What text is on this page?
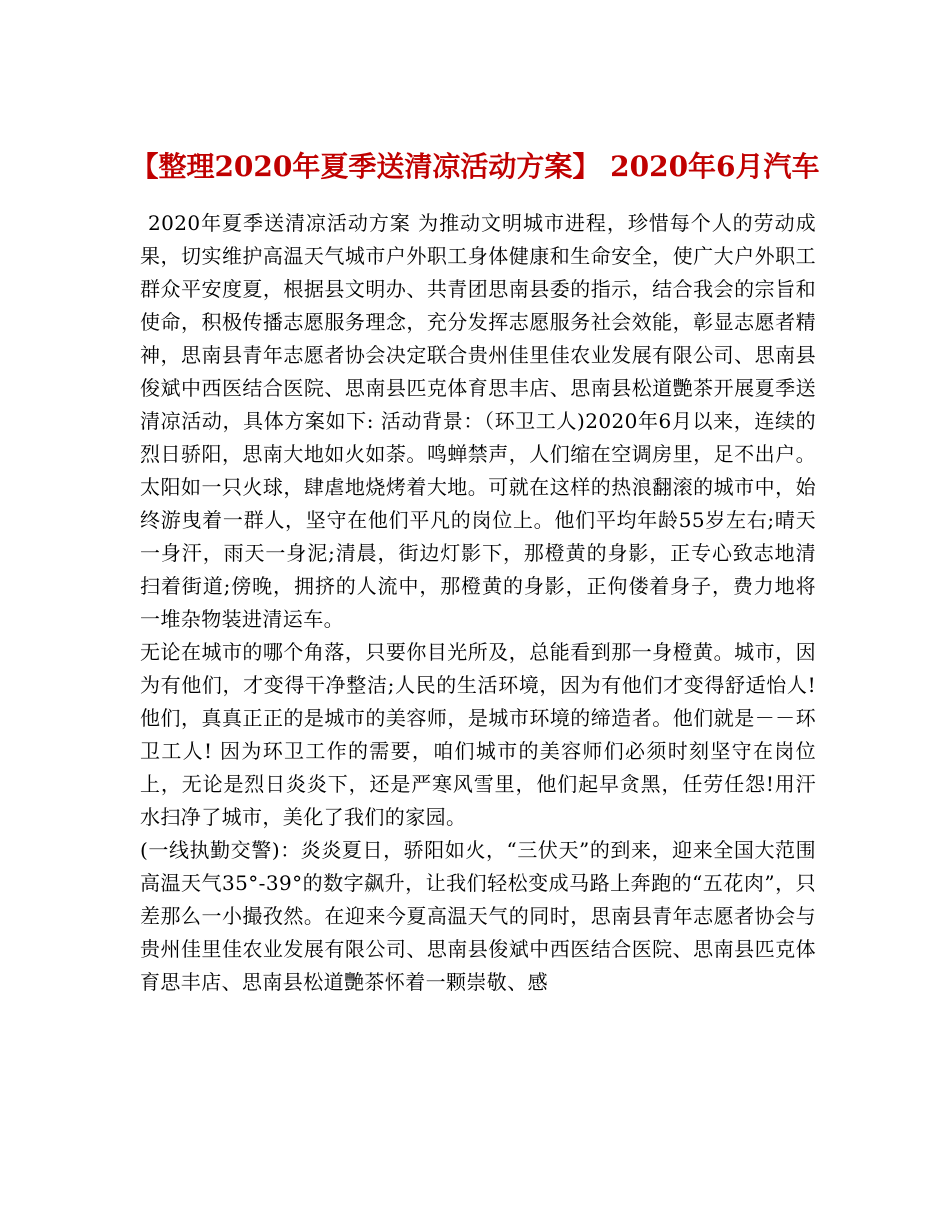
【整理2020年夏季送清凉活动方案】 2020年6月汽车

2020年夏季送清凉活动方案 为推动文明城市进程，珍惜每个人的劳动成果，切实维护高温天气城市户外职工身体健康和生命安全，使广大户外职工群众平安度夏，根据县文明办、共青团思南县委的指示，结合我会的宗旨和使命，积极传播志愿服务理念，充分发挥志愿服务社会效能，彰显志愿者精神，思南县青年志愿者协会决定联合贵州佳里佳农业发展有限公司、思南县俊斌中西医结合医院、思南县匹克体育思丰店、思南县松道艷茶开展夏季送清凉活动，具体方案如下: 活动背景：（环卫工人)2020年6月以来，连续的烈日骄阳，思南大地如火如荼。鸣蝉禁声，人们缩在空调房里，足不出户。太阳如一只火球，肆虐地烧烤着大地。可就在这样的热浪翻滚的城市中，始终游曳着一群人，坚守在他们平凡的岗位上。他们平均年龄55岁左右;晴天一身汗，雨天一身泥;清晨，街边灯影下，那橙黄的身影，正专心致志地清扫着街道;傍晚，拥挤的人流中，那橙黄的身影，正佝偻着身子，费力地将一堆杂物装进清运车。

无论在城市的哪个角落，只要你目光所及，总能看到那一身橙黄。城市，因为有他们，才变得干净整洁;人民的生活环境，因为有他们才变得舒适怡人!他们，真真正正的是城市的美容师，是城市环境的缔造者。他们就是－－环卫工人! 因为环卫工作的需要，咱们城市的美容师们必须时刻坚守在岗位上，无论是烈日炎炎下，还是严寒风雪里，他们起早贪黑，任劳任怨!用汗水扫净了城市，美化了我们的家园。

(一线执勤交警)：炎炎夏日，骄阳如火，“三伏天”的到来，迎来全国大范围高温天气35°-39°的数字飙升，让我们轻松变成马路上奔跑的“五花肉”，只差那么一小撮孜然。在迎来今夏高温天气的同时，思南县青年志愿者协会与贵州佳里佳农业发展有限公司、思南县俊斌中西医结合医院、思南县匹克体育思丰店、思南县松道艷茶怀着一颗崇敬、感
